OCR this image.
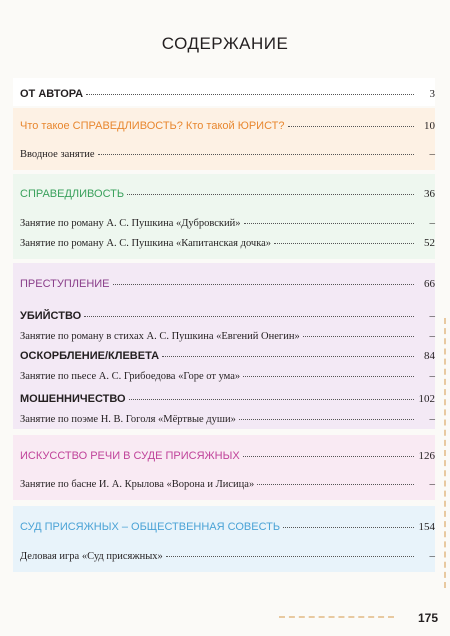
СОДЕРЖАНИЕ
ОТ АВТОРА	3
Что такое СПРАВЕДЛИВОСТЬ? Кто такой ЮРИСТ?	10
Вводное занятие	–
СПРАВЕДЛИВОСТЬ	36
Занятие по роману А. С. Пушкина «Дубровский»	–
Занятие по роману А. С. Пушкина «Капитанская дочка»	52
ПРЕСТУПЛЕНИЕ	66
УБИЙСТВО	–
Занятие по роману в стихах А. С. Пушкина «Евгений Онегин»	–
ОСКОРБЛЕНИЕ/КЛЕВЕТА	84
Занятие по пьесе А. С. Грибоедова «Горе от ума»	–
МОШЕННИЧЕСТВО	102
Занятие по поэме Н. В. Гоголя «Мёртвые души»	–
ИСКУССТВО РЕЧИ В СУДЕ ПРИСЯЖНЫХ	126
Занятие по басне И. А. Крылова «Ворона и Лисица»	–
СУД ПРИСЯЖНЫХ – ОБЩЕСТВЕННАЯ СОВЕСТЬ	154
Деловая игра «Суд присяжных»	–
175
